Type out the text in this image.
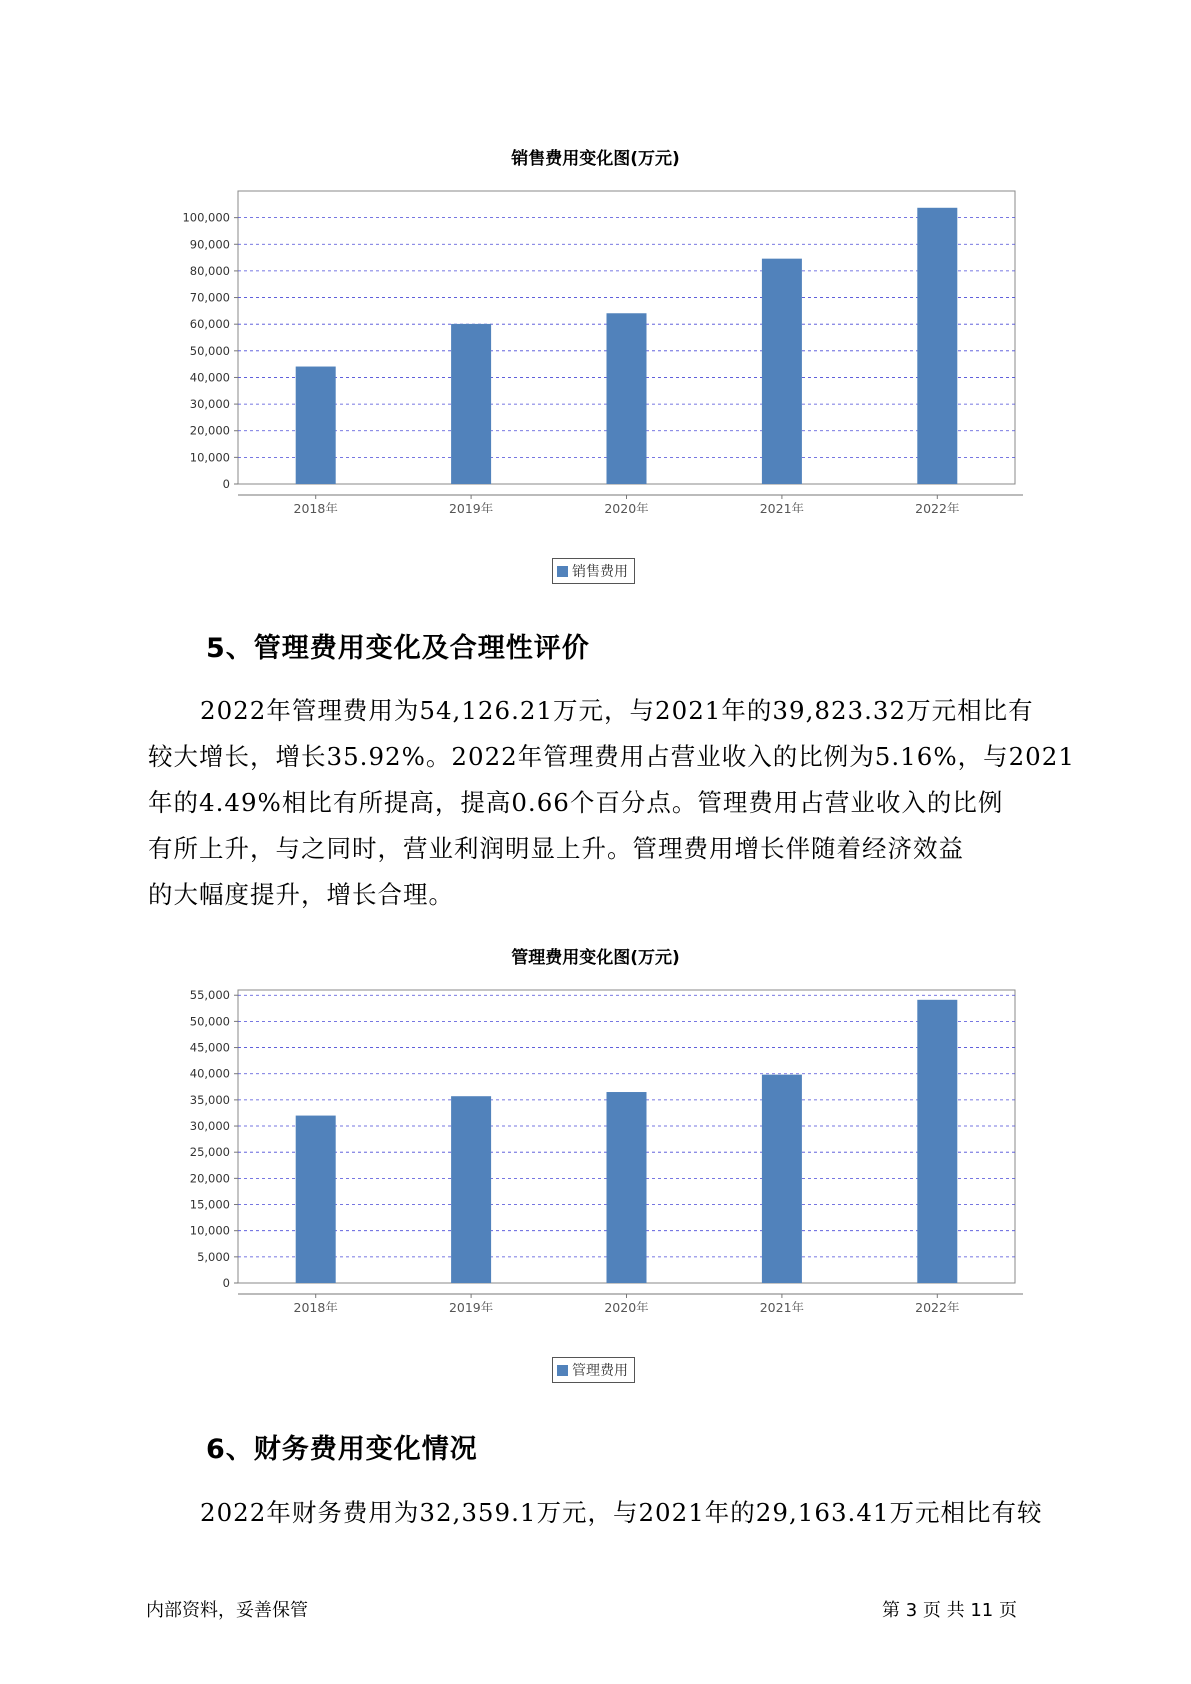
销售费用变化图(万元)
0
10,000
20,000
30,000
40,000
50,000
60,000
70,000
80,000
90,000
100,000
2018年	2019年	2020年	2021年	2022年
销售费用
5、管理费用变化及合理性评价
2022年管理费用为54,126.21万元，与2021年的39,823.32万元相比有
较大增长，增长35.92%。2022年管理费用占营业收入的比例为5.16%，与2021
年的4.49%相比有所提高，提高0.66个百分点。管理费用占营业收入的比例
有所上升，与之同时，营业利润明显上升。管理费用增长伴随着经济效益
的大幅度提升，增长合理。
管理费用变化图(万元)
0
5,000
10,000
15,000
20,000
25,000
30,000
35,000
40,000
45,000
50,000
55,000
2018年	2019年	2020年	2021年	2022年
管理费用
6、财务费用变化情况
2022年财务费用为32,359.1万元，与2021年的29,163.41万元相比有较
内部资料，妥善保管	第 3 页 共 11 页
